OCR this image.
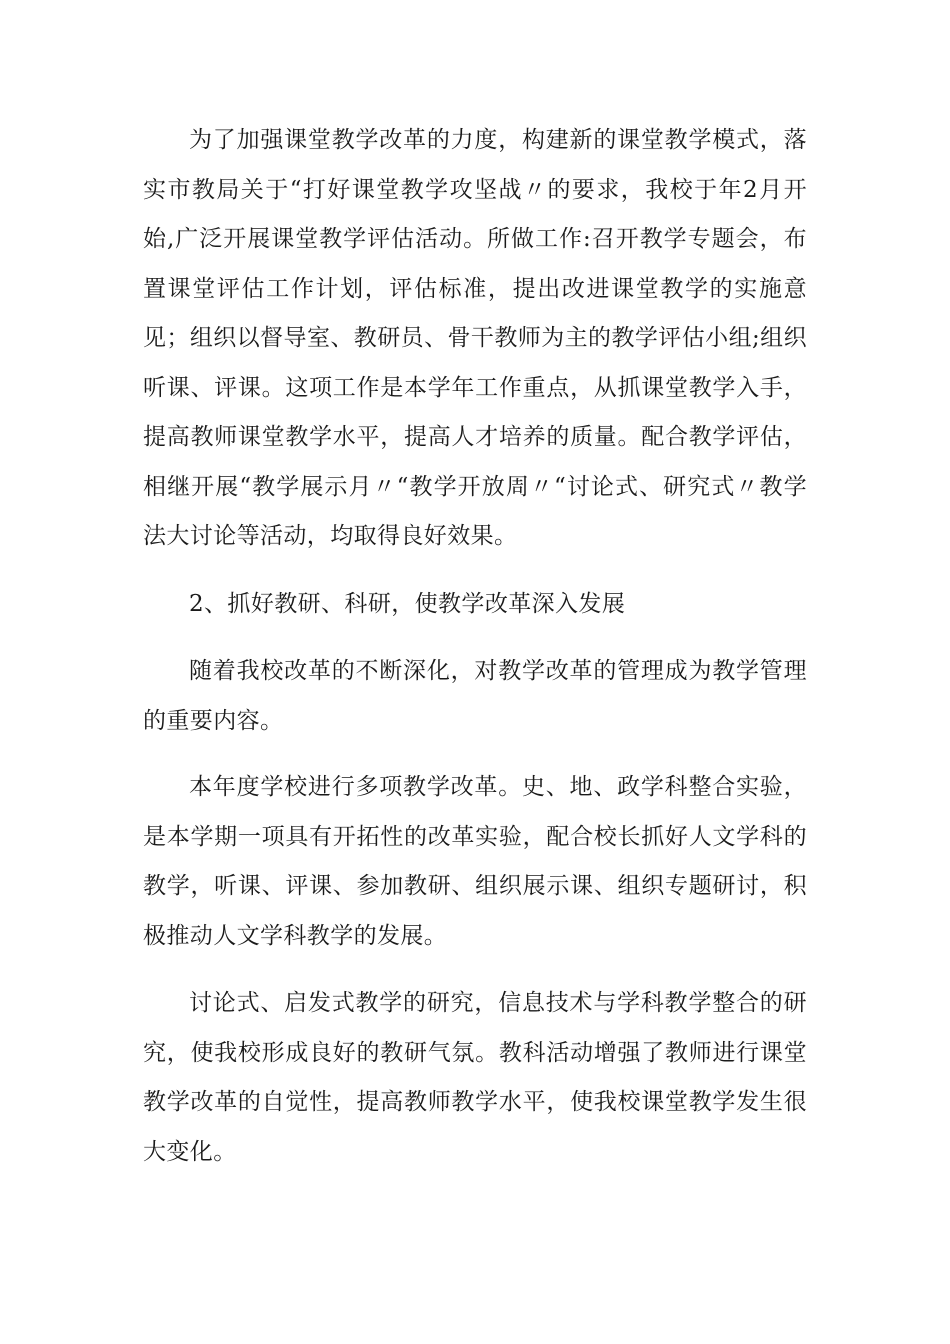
为了加强课堂教学改革的力度，构建新的课堂教学模式，落实市教局关于“打好课堂教学攻坚战〃的要求，我校于年2月开始,广泛开展课堂教学评估活动。所做工作:召开教学专题会，布置课堂评估工作计划，评估标准，提出改进课堂教学的实施意见；组织以督导室、教研员、骨干教师为主的教学评估小组;组织听课、评课。这项工作是本学年工作重点，从抓课堂教学入手，提高教师课堂教学水平，提高人才培养的质量。配合教学评估，相继开展“教学展示月〃“教学开放周〃“讨论式、研究式〃教学法大讨论等活动，均取得良好效果。

2、抓好教研、科研，使教学改革深入发展

随着我校改革的不断深化，对教学改革的管理成为教学管理的重要内容。

本年度学校进行多项教学改革。史、地、政学科整合实验，是本学期一项具有开拓性的改革实验，配合校长抓好人文学科的教学，听课、评课、参加教研、组织展示课、组织专题研讨，积极推动人文学科教学的发展。

讨论式、启发式教学的研究，信息技术与学科教学整合的研究，使我校形成良好的教研气氛。教科活动增强了教师进行课堂教学改革的自觉性，提高教师教学水平，使我校课堂教学发生很大变化。
